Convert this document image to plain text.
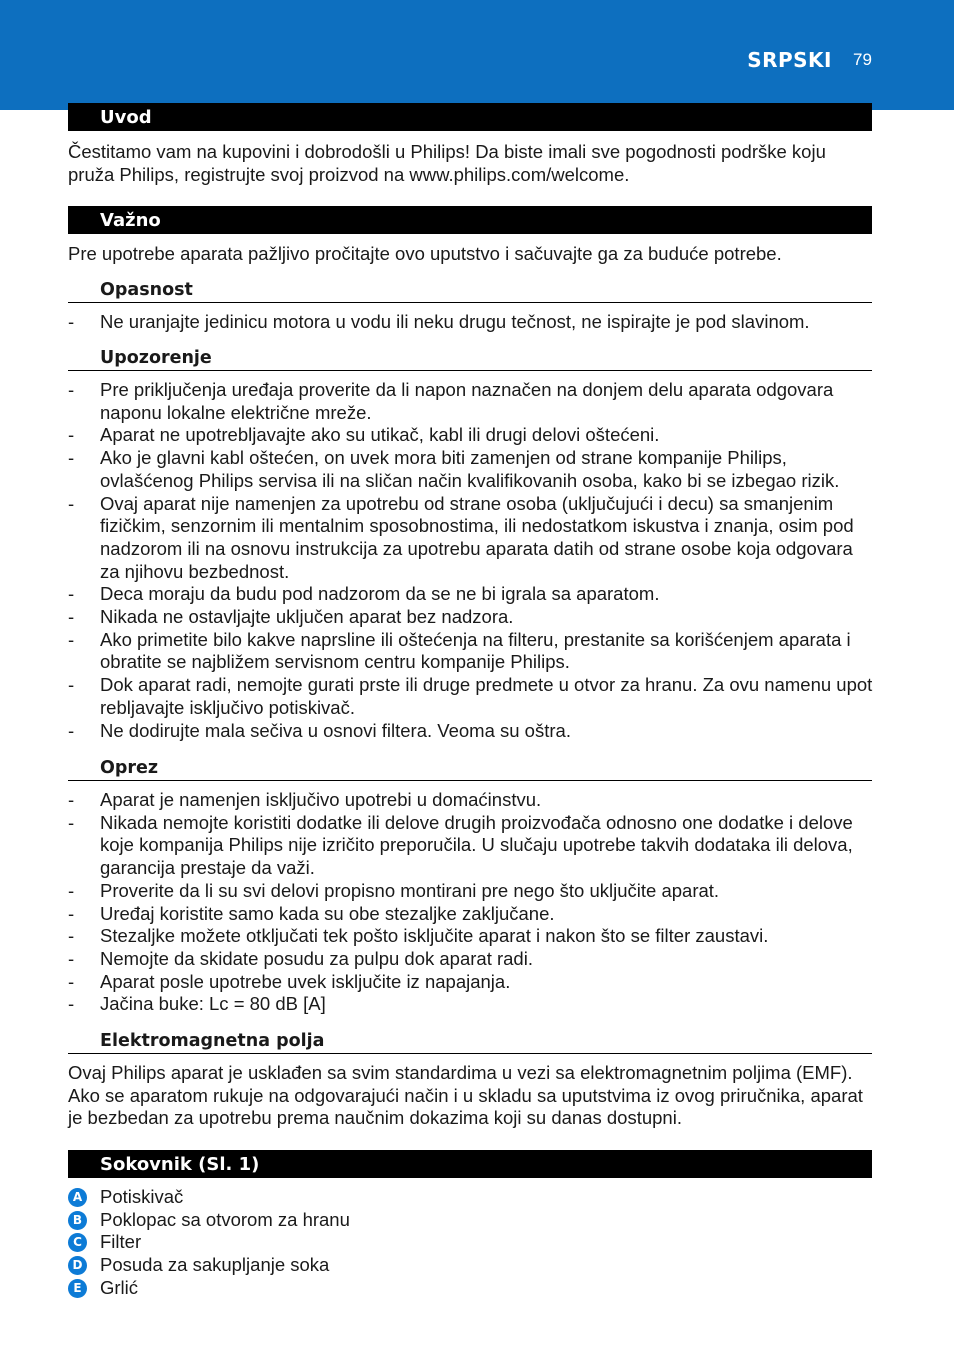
SRPSKI 79
Uvod
Čestitamo vam na kupovini i dobrodošli u Philips! Da biste imali sve pogodnosti podrške koju pruža Philips, registrujte svoj proizvod na www.philips.com/welcome.
Važno
Pre upotrebe aparata pažljivo pročitajte ovo uputstvo i sačuvajte ga za buduće potrebe.
Opasnost
- Ne uranjajte jedinicu motora u vodu ili neku drugu tečnost, ne ispirajte je pod slavinom.
Upozorenje
- Pre priključenja uređaja proverite da li napon naznačen na donjem delu aparata odgovara naponu lokalne električne mreže.
- Aparat ne upotrebljavajte ako su utikač, kabl ili drugi delovi oštećeni.
- Ako je glavni kabl oštećen, on uvek mora biti zamenjen od strane kompanije Philips, ovlašćenog Philips servisa ili na sličan način kvalifikovanih osoba, kako bi se izbegao rizik.
- Ovaj aparat nije namenjen za upotrebu od strane osoba (uključujući i decu) sa smanjenim fizičkim, senzornim ili mentalnim sposobnostima, ili nedostatkom iskustva i znanja, osim pod nadzorom ili na osnovu instrukcija za upotrebu aparata datih od strane osobe koja odgovara za njihovu bezbednost.
- Deca moraju da budu pod nadzorom da se ne bi igrala sa aparatom.
- Nikada ne ostavljajte uključen aparat bez nadzora.
- Ako primetite bilo kakve naprsline ili oštećenja na filteru, prestanite sa korišćenjem aparata i obratite se najbližem servisnom centru kompanije Philips.
- Dok aparat radi, nemojte gurati prste ili druge predmete u otvor za hranu. Za ovu namenu upot rebljavajte isključivo potiskivač.
- Ne dodirujte mala sečiva u osnovi filtera. Veoma su oštra.
Oprez
- Aparat je namenjen isključivo upotrebi u domaćinstvu.
- Nikada nemojte koristiti dodatke ili delove drugih proizvođača odnosno one dodatke i delove koje kompanija Philips nije izričito preporučila. U slučaju upotrebe takvih dodataka ili delova, garancija prestaje da važi.
- Proverite da li su svi delovi propisno montirani pre nego što uključite aparat.
- Uređaj koristite samo kada su obe stezaljke zaključane.
- Stezaljke možete otključati tek pošto isključite aparat i nakon što se filter zaustavi.
- Nemojte da skidate posudu za pulpu dok aparat radi.
- Aparat posle upotrebe uvek isključite iz napajanja.
- Jačina buke: Lc = 80 dB [A]
Elektromagnetna polja
Ovaj Philips aparat je usklađen sa svim standardima u vezi sa elektromagnetnim poljima (EMF). Ako se aparatom rukuje na odgovarajući način i u skladu sa uputstvima iz ovog priručnika, aparat je bezbedan za upotrebu prema naučnim dokazima koji su danas dostupni.
Sokovnik (Sl. 1)
A Potiskivač
B Poklopac sa otvorom za hranu
C Filter
D Posuda za sakupljanje soka
E Grlić
